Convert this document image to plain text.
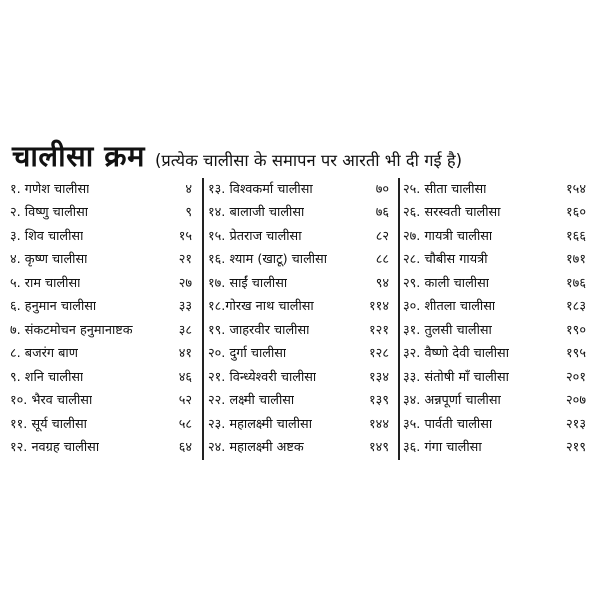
चालीसा क्रम (प्रत्येक चालीसा के समापन पर आरती भी दी गई है)
१. गणेश चालीसा	४
२. विष्णु चालीसा	९
३. शिव चालीसा	१५
४. कृष्ण चालीसा	२१
५. राम चालीसा	२७
६. हनुमान चालीसा	३३
७. संकटमोचन हनुमानाष्टक	३८
८. बजरंग बाण	४१
९. शनि चालीसा	४६
१०. भैरव चालीसा	५२
११. सूर्य चालीसा	५८
१२. नवग्रह चालीसा	६४
१३. विश्वकर्मा चालीसा	७०
१४. बालाजी चालीसा	७६
१५. प्रेतराज चालीसा	८२
१६. श्याम (खाटू) चालीसा	८८
१७. साईं चालीसा	९४
१८.गोरख नाथ चालीसा	११४
१९. जाहरवीर चालीसा	१२१
२०. दुर्गा चालीसा	१२८
२१. विन्ध्येश्वरी चालीसा	१३४
२२. लक्ष्मी चालीसा	१३९
२३. महालक्ष्मी चालीसा	१४४
२४. महालक्ष्मी अष्टक	१४९
२५. सीता चालीसा	१५४
२६. सरस्वती चालीसा	१६०
२७. गायत्री चालीसा	१६६
२८. चौबीस गायत्री	१७१
२९. काली चालीसा	१७६
३०. शीतला चालीसा	१८३
३१. तुलसी चालीसा	१९०
३२. वैष्णो देवी चालीसा	१९५
३३. संतोषी माँ चालीसा	२०१
३४. अन्नपूर्णा चालीसा	२०७
३५. पार्वती चालीसा	२१३
३६. गंगा चालीसा	२१९
